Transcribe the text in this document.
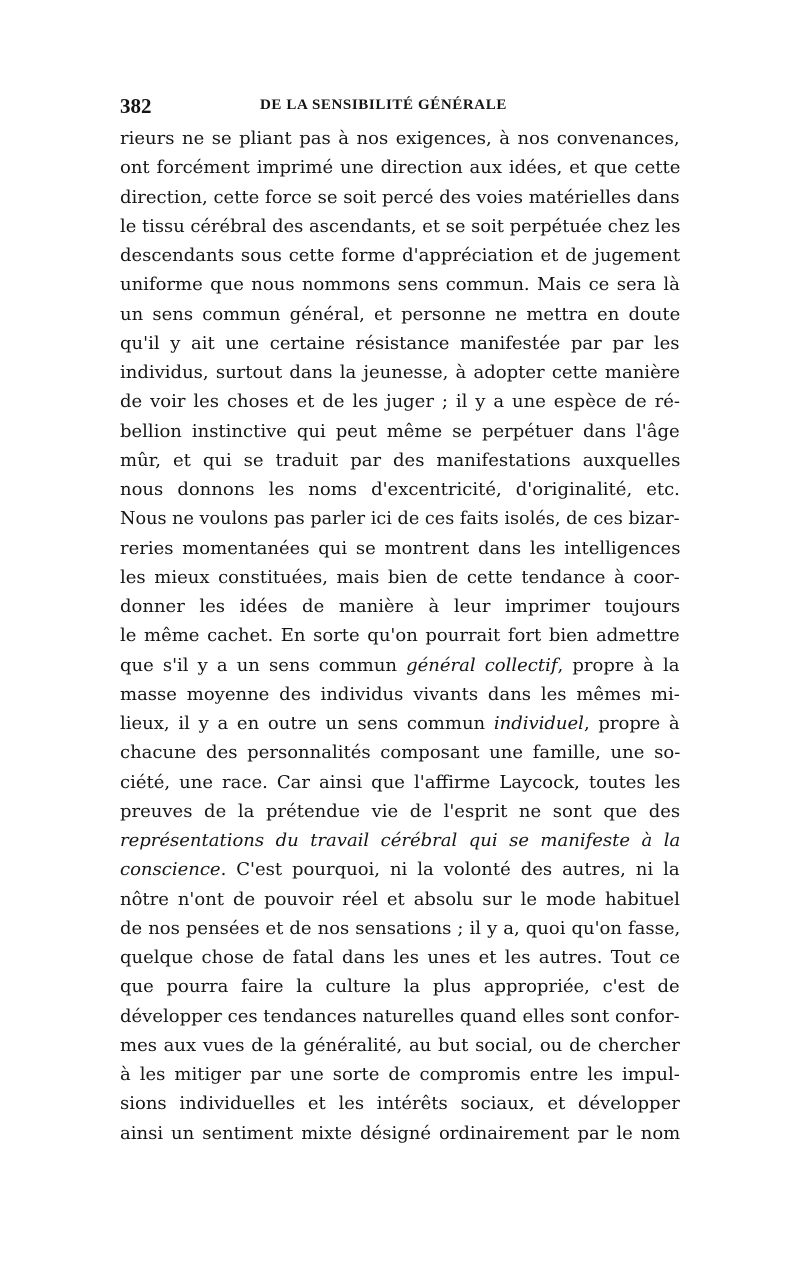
382	DE LA SENSIBILITÉ GÉNÉRALE
rieurs ne se pliant pas à nos exigences, à nos convenances,
ont forcément imprimé une direction aux idées, et que cette
direction, cette force se soit percé des voies matérielles dans
le tissu cérébral des ascendants, et se soit perpétuée chez les
descendants sous cette forme d'appréciation et de jugement
uniforme que nous nommons sens commun. Mais ce sera là
un sens commun général, et personne ne mettra en doute
qu'il y ait une certaine résistance manifestée par par les
individus, surtout dans la jeunesse, à adopter cette manière
de voir les choses et de les juger ; il y a une espèce de ré-
bellion instinctive qui peut même se perpétuer dans l'âge
mûr, et qui se traduit par des manifestations auxquelles
nous donnons les noms d'excentricité, d'originalité, etc.
Nous ne voulons pas parler ici de ces faits isolés, de ces bizar-
reries momentanées qui se montrent dans les intelligences
les mieux constituées, mais bien de cette tendance à coor-
donner les idées de manière à leur imprimer toujours
le même cachet. En sorte qu'on pourrait fort bien admettre
que s'il y a un sens commun général collectif, propre à la
masse moyenne des individus vivants dans les mêmes mi-
lieux, il y a en outre un sens commun individuel, propre à
chacune des personnalités composant une famille, une so-
ciété, une race. Car ainsi que l'affirme Laycock, toutes les
preuves de la prétendue vie de l'esprit ne sont que des
représentations du travail cérébral qui se manifeste à la
conscience. C'est pourquoi, ni la volonté des autres, ni la
nôtre n'ont de pouvoir réel et absolu sur le mode habituel
de nos pensées et de nos sensations ; il y a, quoi qu'on fasse,
quelque chose de fatal dans les unes et les autres. Tout ce
que pourra faire la culture la plus appropriée, c'est de
développer ces tendances naturelles quand elles sont confor-
mes aux vues de la généralité, au but social, ou de chercher
à les mitiger par une sorte de compromis entre les impul-
sions individuelles et les intérêts sociaux, et développer
ainsi un sentiment mixte désigné ordinairement par le nom
